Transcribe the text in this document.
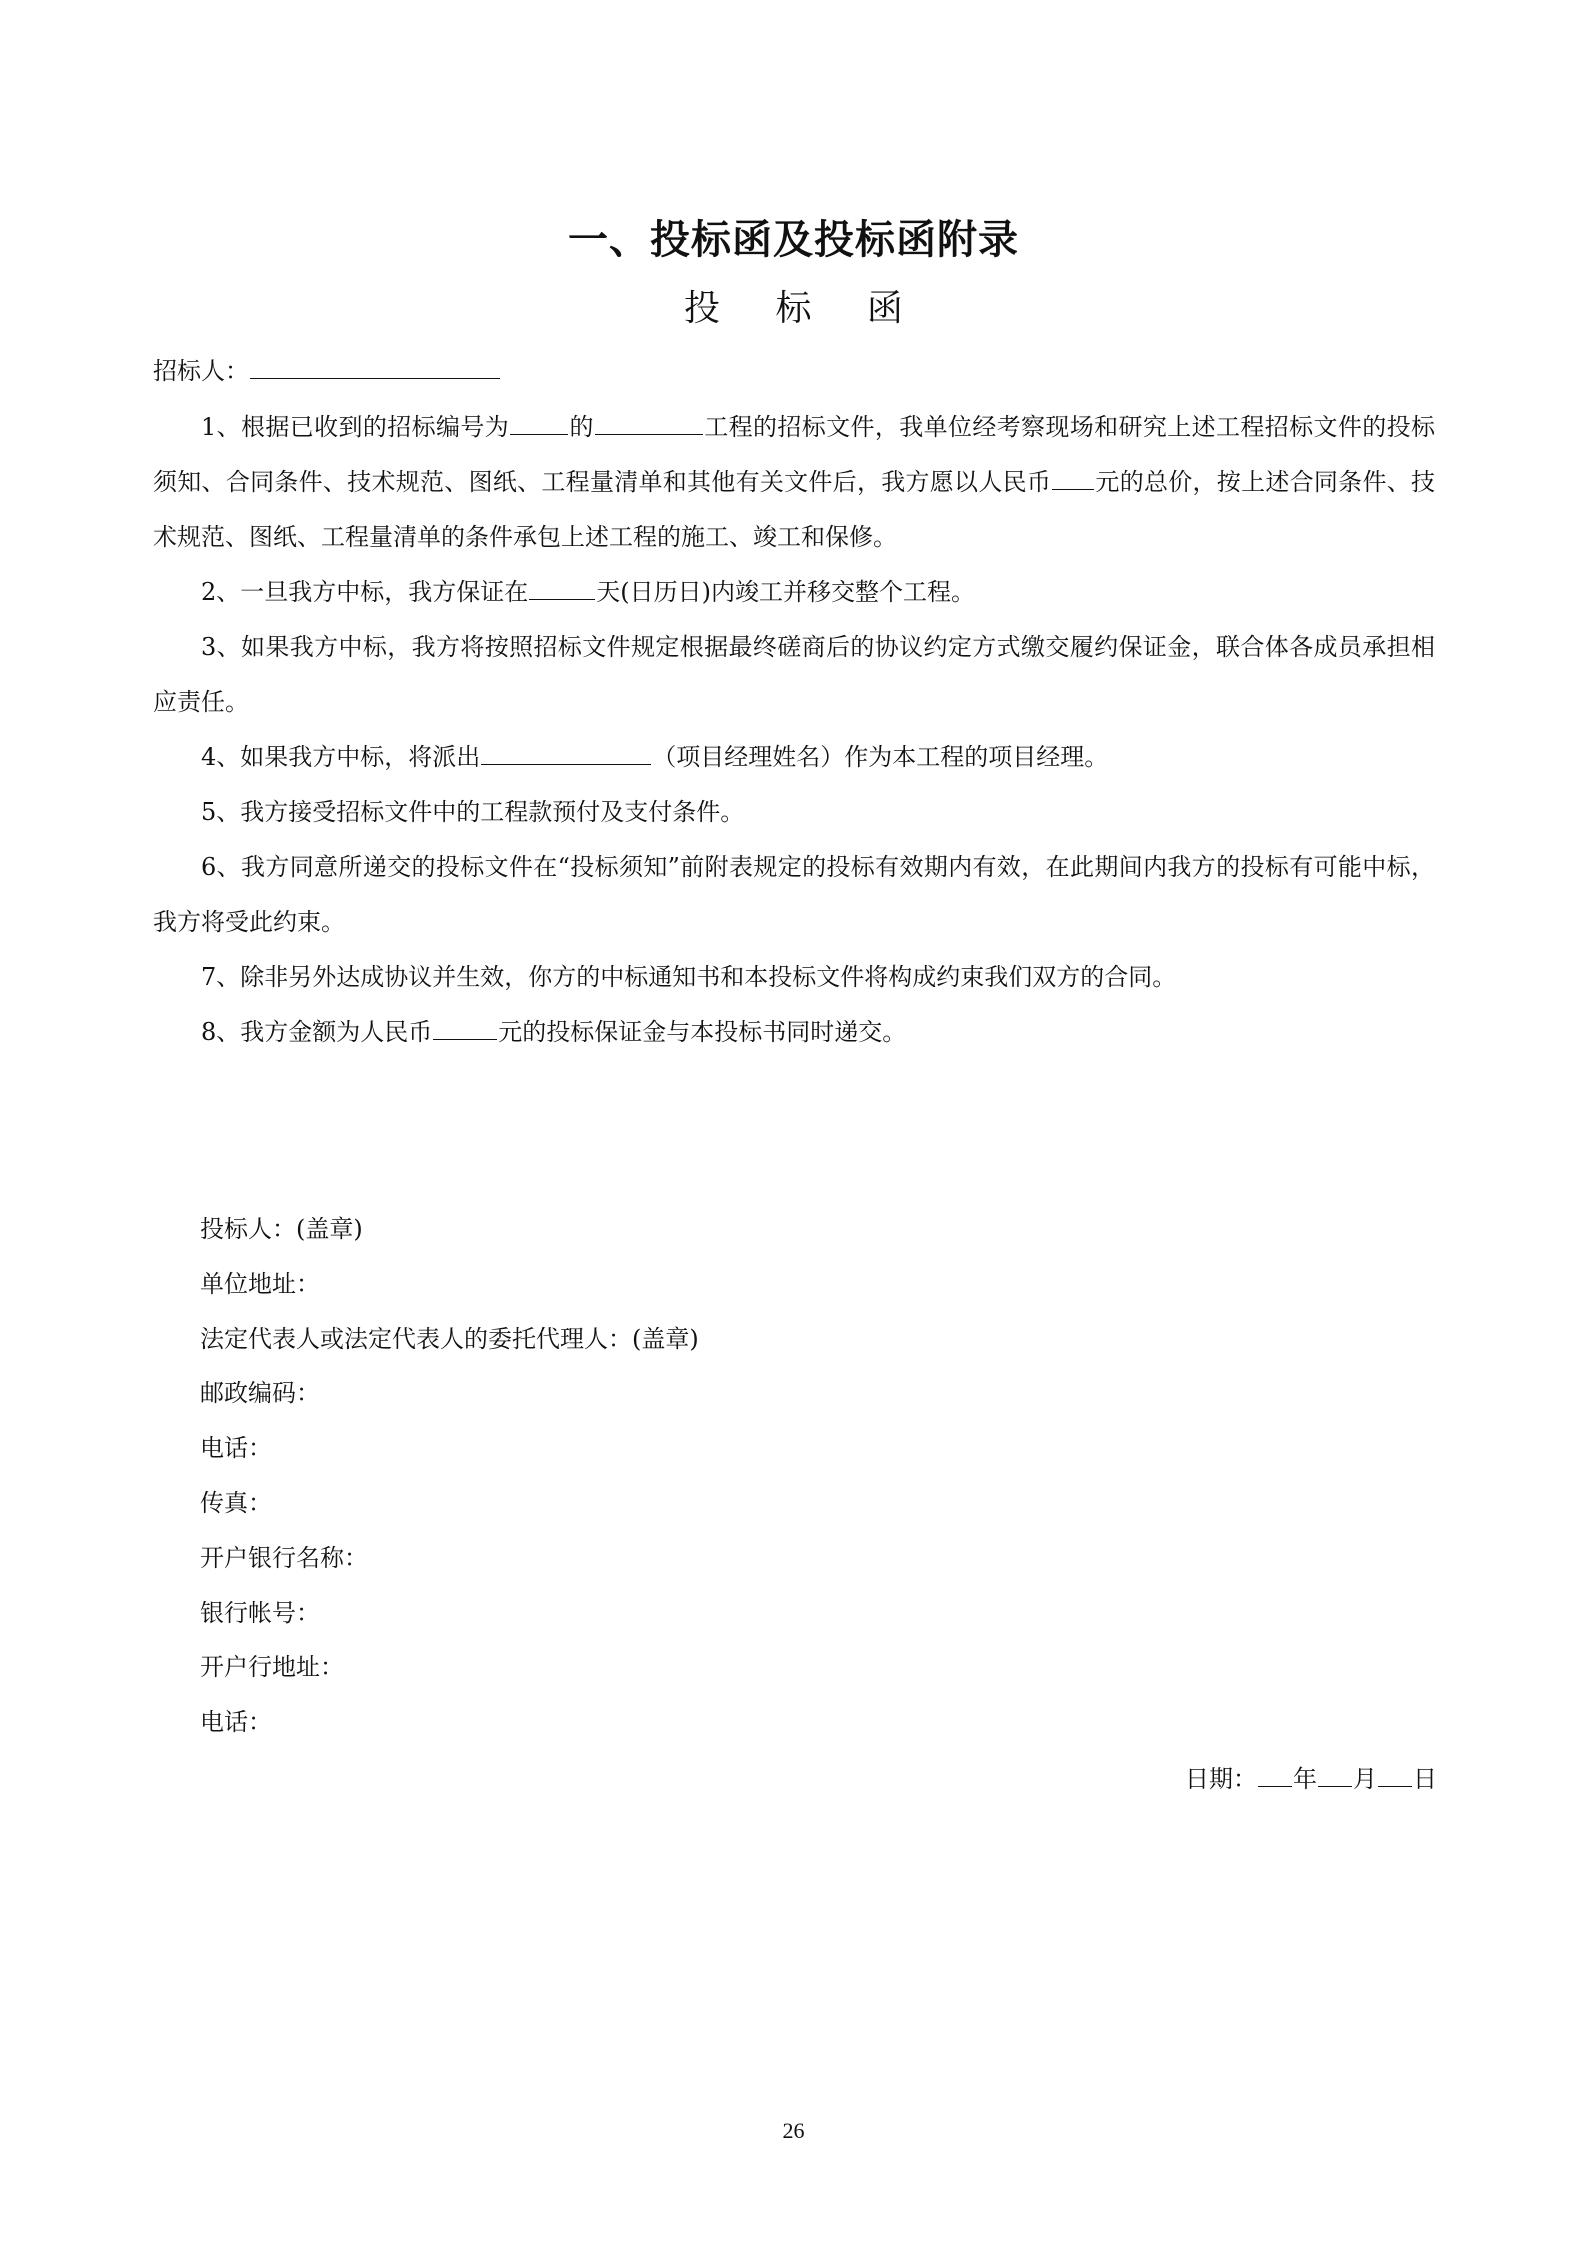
一、投标函及投标函附录
投 标 函
招标人：

1、根据已收到的招标编号为	的	工程的招标文件，我单位经考察现场和研究上述工程招标文件的投标须知、合同条件、技术规范、图纸、工程量清单和其他有关文件后，我方愿以人民币 元的总价，按上述合同条件、技术规范、图纸、工程量清单的条件承包上述工程的施工、竣工和保修。

2、一旦我方中标，我方保证在	天(日历日)内竣工并移交整个工程。

3、如果我方中标，我方将按照招标文件规定根据最终磋商后的协议约定方式缴交履约保证金，联合体各成员承担相应责任。

4、如果我方中标，将派出	（项目经理姓名）作为本工程的项目经理。

5、我方接受招标文件中的工程款预付及支付条件。

6、我方同意所递交的投标文件在“投标须知”前附表规定的投标有效期内有效，在此期间内我方的投标有可能中标，我方将受此约束。

7、除非另外达成协议并生效，你方的中标通知书和本投标文件将构成约束我们双方的合同。

8、我方金额为人民币	元的投标保证金与本投标书同时递交。

投标人：(盖章)
单位地址：
法定代表人或法定代表人的委托代理人：(盖章)
邮政编码：
电话：
传真：
开户银行名称：
银行帐号：
开户行地址：
电话：
日期： 年 月 日
26
